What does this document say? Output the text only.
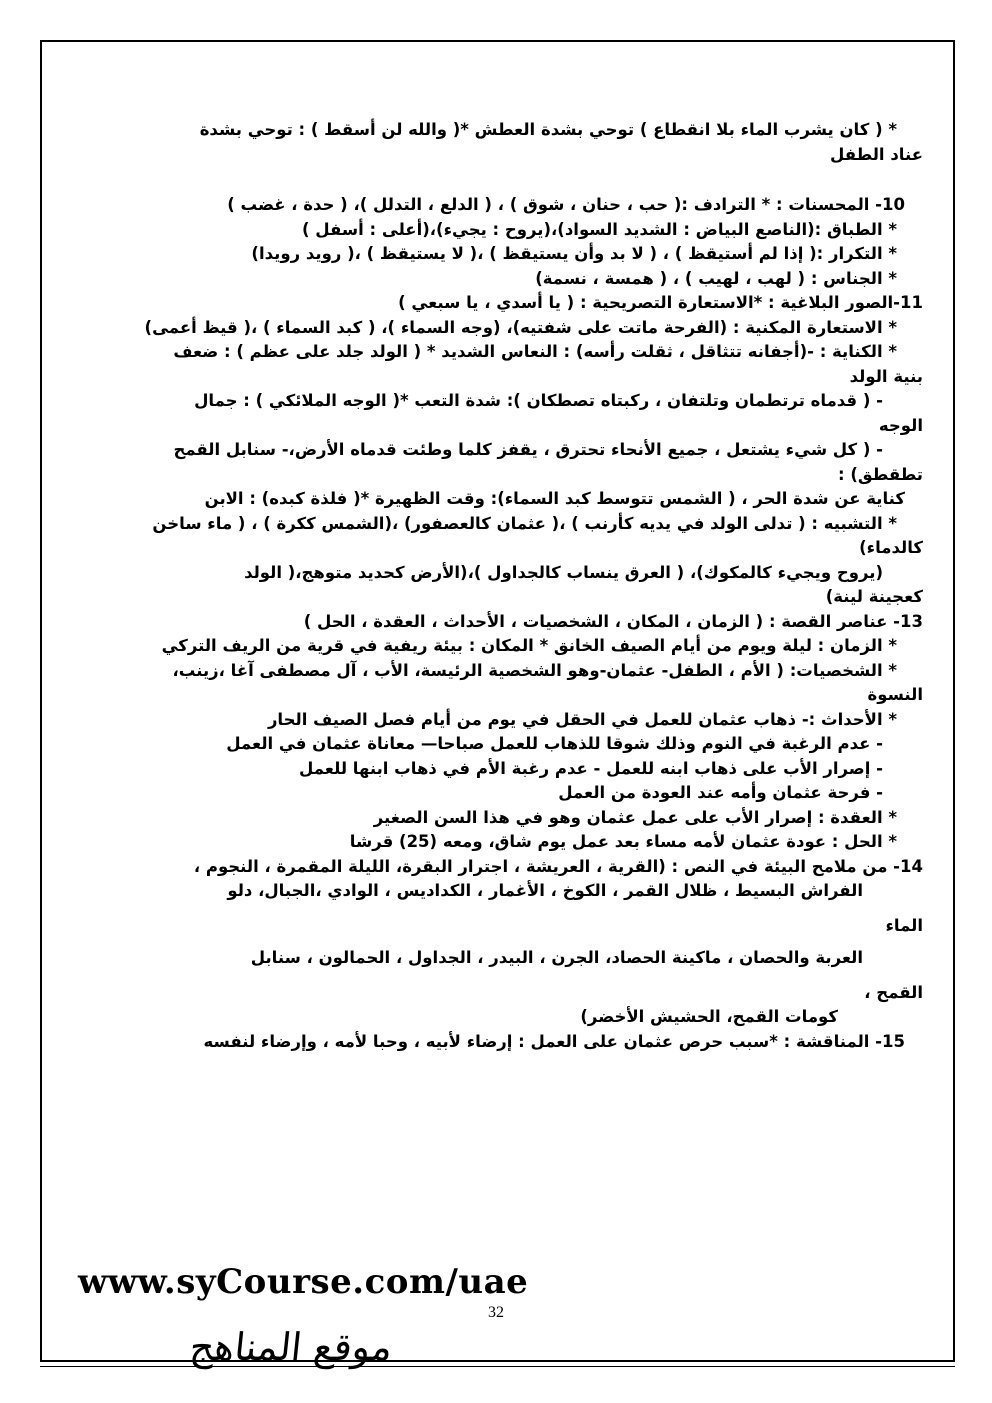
* ( كان يشرب الماء بلا انقطاع ) توحي بشدة العطش *( والله لن أسقط ) : توحي بشدة

عناد الطفل

10- المحسنات : * الترادف :( حب ، حنان ، شوق ) ، ( الدلع ، التدلل )، ( حدة ، غضب )

* الطباق :(الناصع البياض : الشديد السواد)،(يروح : يجيء)،(أعلى : أسفل )

* التكرار :( إذا لم أستيقظ ) ، ( لا بد وأن يستيقظ ) ،( لا يستيقظ ) ،( رويد رويدا)

* الجناس : ( لهب ، لهيب ) ، ( همسة ، نسمة)

11-الصور البلاغية : *الاستعارة التصريحية : ( يا أسدي ، يا سبعي )

* الاستعارة المكنية : (الفرحة ماتت على شفتيه)، (وجه السماء )، ( كبد السماء ) ،( قيظ أعمى)

* الكناية : -(أجفانه تتثاقل ، ثقلت رأسه) : النعاس الشديد * ( الولد جلد على عظم ) : ضعف

بنية الولد

- ( قدماه ترتطمان وتلتفان ، ركبتاه تصطكان ): شدة التعب *( الوجه الملائكي ) : جمال

الوجه

- ( كل شيء يشتعل ، جميع الأنحاء تحترق ، يقفز كلما وطئت قدماه الأرض،- سنابل القمح

تطقطق) :

كناية عن شدة الحر ، ( الشمس تتوسط كبد السماء): وقت الظهيرة *( فلذة كبده) : الابن

* التشبيه : ( تدلى الولد في يديه كأرنب ) ،( عثمان كالعصفور) ،(الشمس ككرة ) ، ( ماء ساخن

كالدماء)

(يروح ويجيء كالمكوك)، ( العرق ينساب كالجداول )،(الأرض كحديد متوهج،( الولد

كعجينة لينة)

13- عناصر القصة : ( الزمان ، المكان ، الشخصيات ، الأحداث ، العقدة ، الحل )

* الزمان : ليلة ويوم من أيام الصيف الخانق * المكان : بيئة ريفية في قرية من الريف التركي

* الشخصيات: ( الأم ، الطفل- عثمان-وهو الشخصية الرئيسة، الأب ، آل مصطفى آغا ،زينب،

النسوة

* الأحداث :- ذهاب عثمان للعمل في الحقل في يوم من أيام فصل الصيف الحار

- عدم الرغبة في النوم وذلك شوقا للذهاب للعمل صباحا— معاناة عثمان في العمل

- إصرار الأب على ذهاب ابنه للعمل - عدم رغبة الأم في ذهاب ابنها للعمل

- فرحة عثمان وأمه عند العودة من العمل

* العقدة : إصرار الأب على عمل عثمان وهو في هذا السن الصغير

* الحل : عودة عثمان لأمه مساء بعد عمل يوم شاق، ومعه (25) قرشا

14- من ملامح البيئة في النص : (القرية ، العريشة ، اجترار البقرة، الليلة المقمرة ، النجوم ،

الفراش البسيط ، ظلال القمر ، الكوخ ، الأغمار ، الكداديس ، الوادي ،الجبال، دلو

الماء

العربة والحصان ، ماكينة الحصاد، الجرن ، البيدر ، الجداول ، الحمالون ، سنابل

القمح ،

كومات القمح، الحشيش الأخضر)

15- المناقشة : *سبب حرص عثمان على العمل : إرضاء لأبيه ، وحبا لأمه ، وإرضاء لنفسه

www.syCourse.com/uae
32
موقع المناهج
